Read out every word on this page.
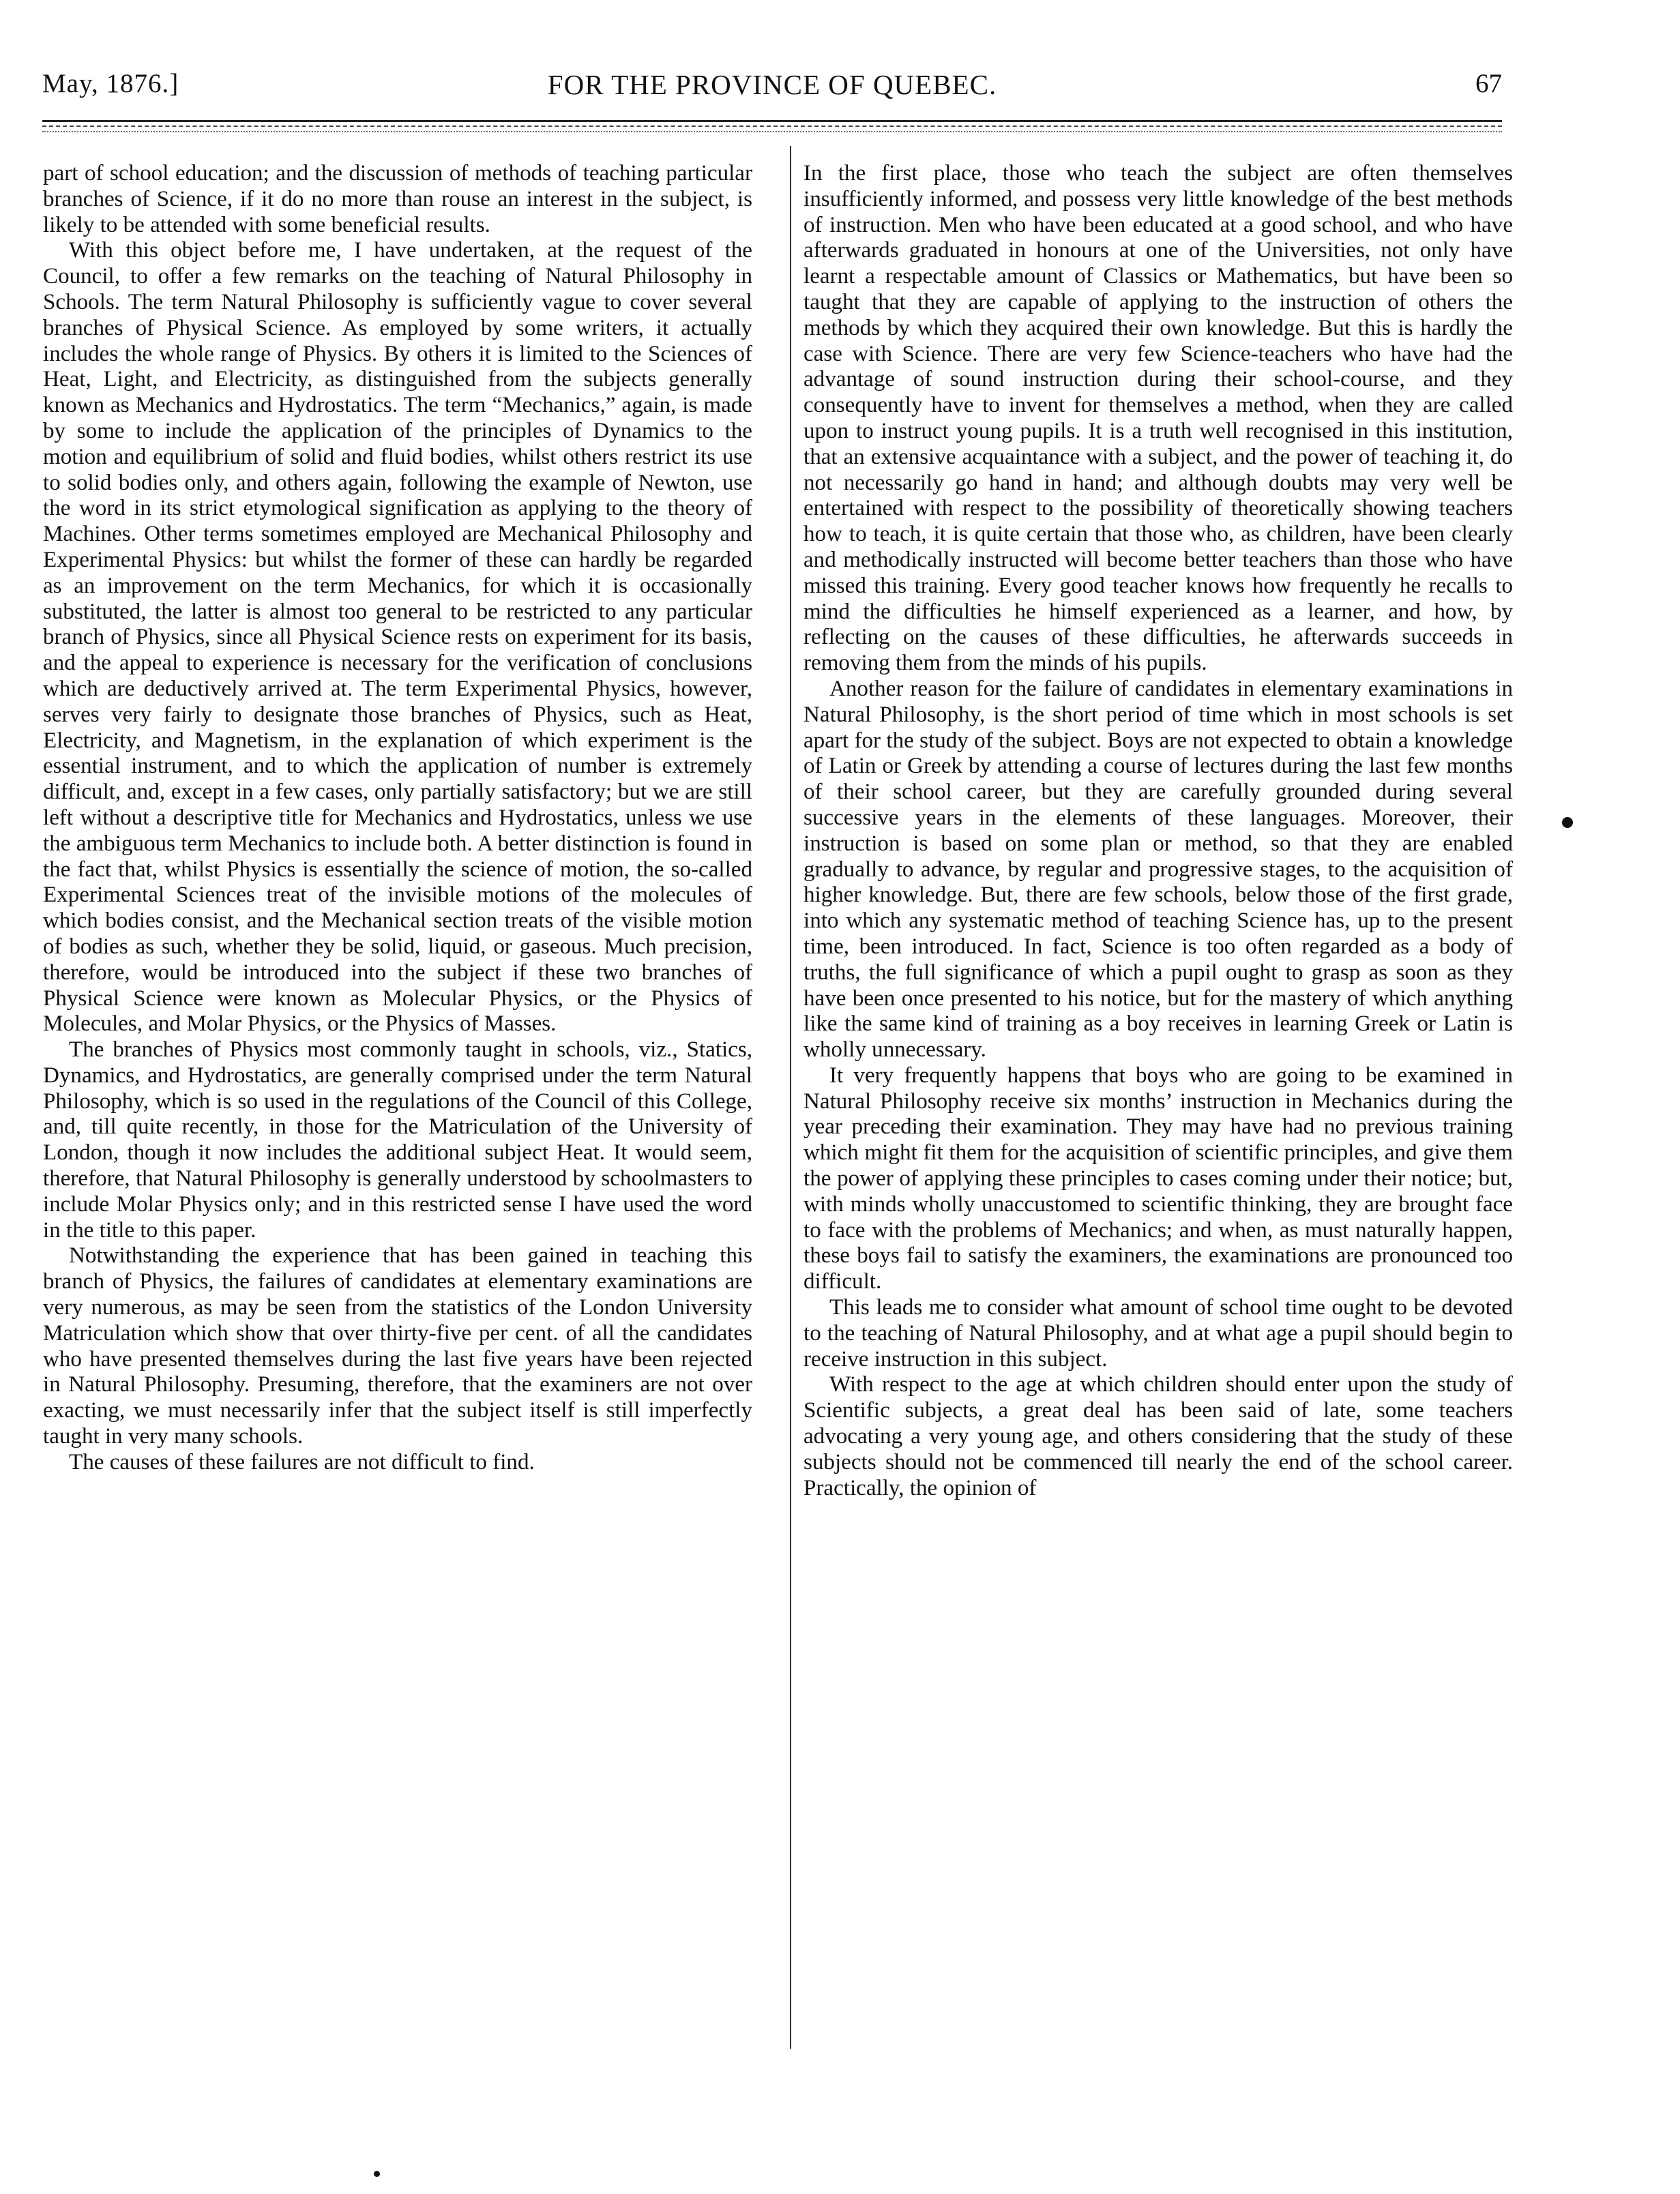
May, 1876.]	FOR THE PROVINCE OF QUEBEC.	67

part of school education; and the discussion of methods of teaching particular branches of Science, if it do no more than rouse an interest in the subject, is likely to be attended with some beneficial results.

With this object before me, I have undertaken, at the request of the Council, to offer a few remarks on the teaching of Natural Philosophy in Schools. The term Natural Philosophy is sufficiently vague to cover several branches of Physical Science. As employed by some writers, it actually includes the whole range of Physics. By others it is limited to the Sciences of Heat, Light, and Electricity, as distinguished from the subjects generally known as Mechanics and Hydrostatics. The term “Mechanics,” again, is made by some to include the application of the principles of Dynamics to the motion and equilibrium of solid and fluid bodies, whilst others restrict its use to solid bodies only, and others again, following the example of Newton, use the word in its strict etymological signification as applying to the theory of Machines. Other terms sometimes employed are Mechanical Philosophy and Experimental Physics: but whilst the former of these can hardly be regarded as an improvement on the term Mechanics, for which it is occasionally substituted, the latter is almost too general to be restricted to any particular branch of Physics, since all Physical Science rests on experiment for its basis, and the appeal to experience is necessary for the verification of conclusions which are deductively arrived at. The term Experimental Physics, however, serves very fairly to designate those branches of Physics, such as Heat, Electricity, and Magnetism, in the explanation of which experiment is the essential instrument, and to which the application of number is extremely difficult, and, except in a few cases, only partially satisfactory; but we are still left without a descriptive title for Mechanics and Hydrostatics, unless we use the ambiguous term Mechanics to include both. A better distinction is found in the fact that, whilst Physics is essentially the science of motion, the so-called Experimental Sciences treat of the invisible motions of the molecules of which bodies consist, and the Mechanical section treats of the visible motion of bodies as such, whether they be solid, liquid, or gaseous. Much precision, therefore, would be introduced into the subject if these two branches of Physical Science were known as Molecular Physics, or the Physics of Molecules, and Molar Physics, or the Physics of Masses.

The branches of Physics most commonly taught in schools, viz., Statics, Dynamics, and Hydrostatics, are generally comprised under the term Natural Philosophy, which is so used in the regulations of the Council of this College, and, till quite recently, in those for the Matriculation of the University of London, though it now includes the additional subject Heat. It would seem, therefore, that Natural Philosophy is generally understood by schoolmasters to include Molar Physics only; and in this restricted sense I have used the word in the title to this paper.

Notwithstanding the experience that has been gained in teaching this branch of Physics, the failures of candidates at elementary examinations are very numerous, as may be seen from the statistics of the London University Matriculation which show that over thirty-five per cent. of all the candidates who have presented themselves during the last five years have been rejected in Natural Philosophy. Presuming, therefore, that the examiners are not over exacting, we must necessarily infer that the subject itself is still imperfectly taught in very many schools.

The causes of these failures are not difficult to find.

In the first place, those who teach the subject are often themselves insufficiently informed, and possess very little knowledge of the best methods of instruction. Men who have been educated at a good school, and who have afterwards graduated in honours at one of the Universities, not only have learnt a respectable amount of Classics or Mathematics, but have been so taught that they are capable of applying to the instruction of others the methods by which they acquired their own knowledge. But this is hardly the case with Science. There are very few Science-teachers who have had the advantage of sound instruction during their school-course, and they consequently have to invent for themselves a method, when they are called upon to instruct young pupils. It is a truth well recognised in this institution, that an extensive acquaintance with a subject, and the power of teaching it, do not necessarily go hand in hand; and although doubts may very well be entertained with respect to the possibility of theoretically showing teachers how to teach, it is quite certain that those who, as children, have been clearly and methodically instructed will become better teachers than those who have missed this training. Every good teacher knows how frequently he recalls to mind the difficulties he himself experienced as a learner, and how, by reflecting on the causes of these difficulties, he afterwards succeeds in removing them from the minds of his pupils.

Another reason for the failure of candidates in elementary examinations in Natural Philosophy, is the short period of time which in most schools is set apart for the study of the subject. Boys are not expected to obtain a knowledge of Latin or Greek by attending a course of lectures during the last few months of their school career, but they are carefully grounded during several successive years in the elements of these languages. Moreover, their instruction is based on some plan or method, so that they are enabled gradually to advance, by regular and progressive stages, to the acquisition of higher knowledge. But, there are few schools, below those of the first grade, into which any systematic method of teaching Science has, up to the present time, been introduced. In fact, Science is too often regarded as a body of truths, the full significance of which a pupil ought to grasp as soon as they have been once presented to his notice, but for the mastery of which anything like the same kind of training as a boy receives in learning Greek or Latin is wholly unnecessary.

It very frequently happens that boys who are going to be examined in Natural Philosophy receive six months’ instruction in Mechanics during the year preceding their examination. They may have had no previous training which might fit them for the acquisition of scientific principles, and give them the power of applying these principles to cases coming under their notice; but, with minds wholly unaccustomed to scientific thinking, they are brought face to face with the problems of Mechanics; and when, as must naturally happen, these boys fail to satisfy the examiners, the examinations are pronounced too difficult.

This leads me to consider what amount of school time ought to be devoted to the teaching of Natural Philosophy, and at what age a pupil should begin to receive instruction in this subject.

With respect to the age at which children should enter upon the study of Scientific subjects, a great deal has been said of late, some teachers advocating a very young age, and others considering that the study of these subjects should not be commenced till nearly the end of the school career. Practically, the opinion of
